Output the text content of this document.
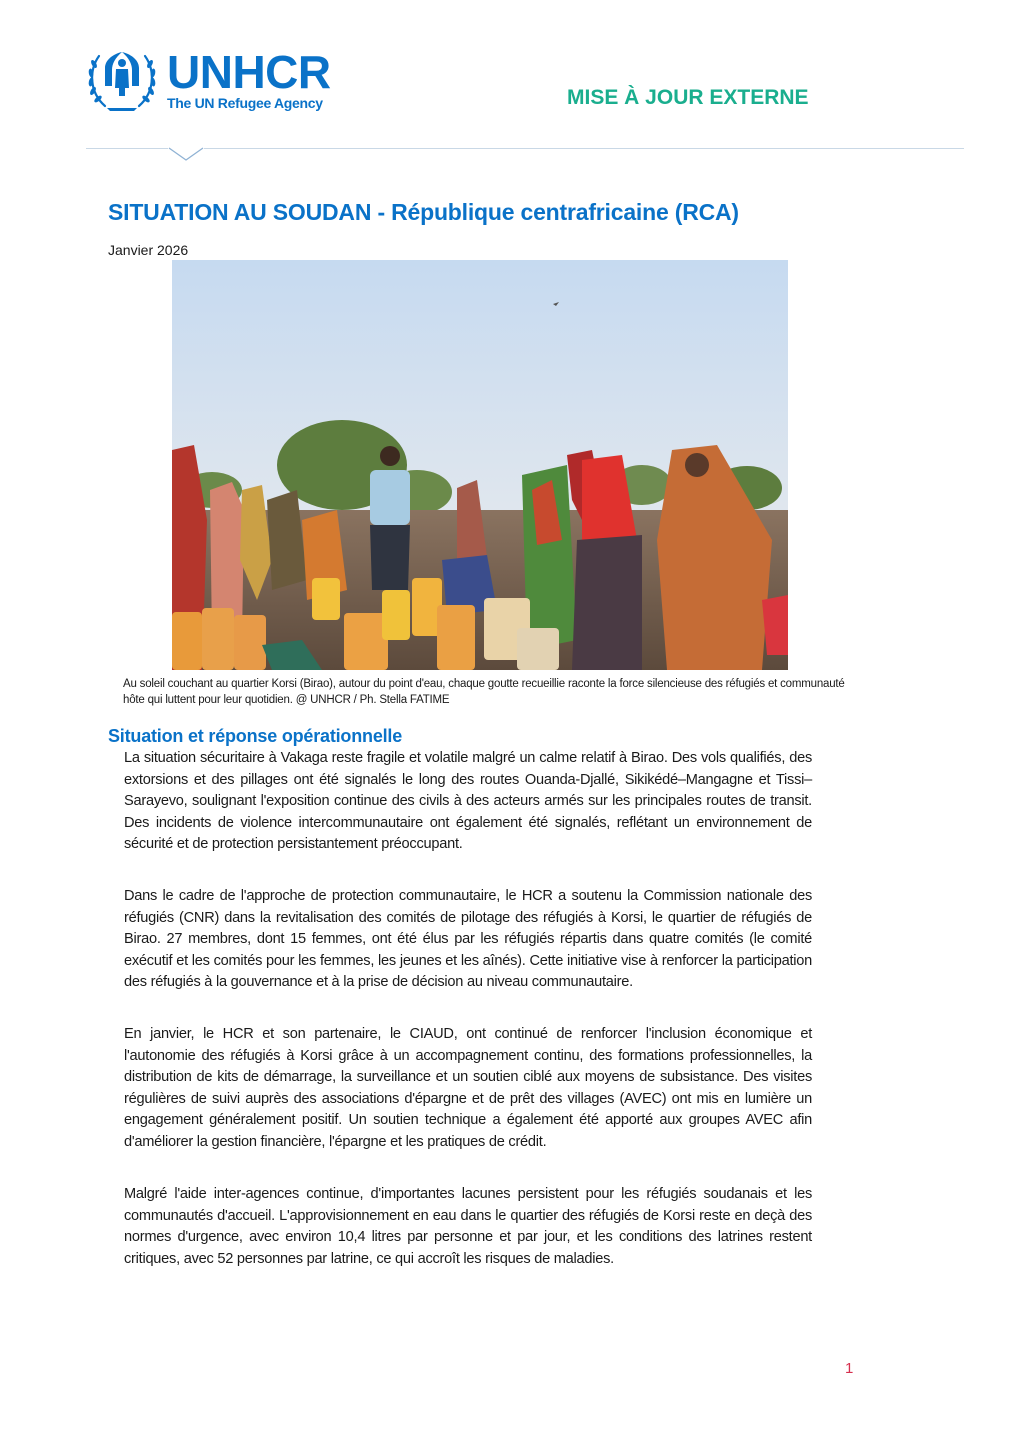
UNHCR
The UN Refugee Agency	MISE À JOUR EXTERNE
SITUATION AU SOUDAN - République centrafricaine (RCA)
Janvier 2026
Au soleil couchant au quartier Korsi (Birao), autour du point d'eau, chaque goutte recueillie raconte la force silencieuse des réfugiés et communauté hôte qui luttent pour leur quotidien. @ UNHCR / Ph. Stella FATIME
Situation et réponse opérationnelle

La situation sécuritaire à Vakaga reste fragile et volatile malgré un calme relatif à Birao. Des vols qualifiés, des extorsions et des pillages ont été signalés le long des routes Ouanda-Djallé, Sikikédé–Mangagne et Tissi–Sarayevo, soulignant l'exposition continue des civils à des acteurs armés sur les principales routes de transit. Des incidents de violence intercommunautaire ont également été signalés, reflétant un environnement de sécurité et de protection persistantement préoccupant.

Dans le cadre de l'approche de protection communautaire, le HCR a soutenu la Commission nationale des réfugiés (CNR) dans la revitalisation des comités de pilotage des réfugiés à Korsi, le quartier de réfugiés de Birao. 27 membres, dont 15 femmes, ont été élus par les réfugiés répartis dans quatre comités (le comité exécutif et les comités pour les femmes, les jeunes et les aînés). Cette initiative vise à renforcer la participation des réfugiés à la gouvernance et à la prise de décision au niveau communautaire.

En janvier, le HCR et son partenaire, le CIAUD, ont continué de renforcer l'inclusion économique et l'autonomie des réfugiés à Korsi grâce à un accompagnement continu, des formations professionnelles, la distribution de kits de démarrage, la surveillance et un soutien ciblé aux moyens de subsistance. Des visites régulières de suivi auprès des associations d'épargne et de prêt des villages (AVEC) ont mis en lumière un engagement généralement positif. Un soutien technique a également été apporté aux groupes AVEC afin d'améliorer la gestion financière, l'épargne et les pratiques de crédit.

Malgré l'aide inter-agences continue, d'importantes lacunes persistent pour les réfugiés soudanais et les communautés d'accueil. L'approvisionnement en eau dans le quartier des réfugiés de Korsi reste en deçà des normes d'urgence, avec environ 10,4 litres par personne et par jour, et les conditions des latrines restent critiques, avec 52 personnes par latrine, ce qui accroît les risques de maladies.

1
